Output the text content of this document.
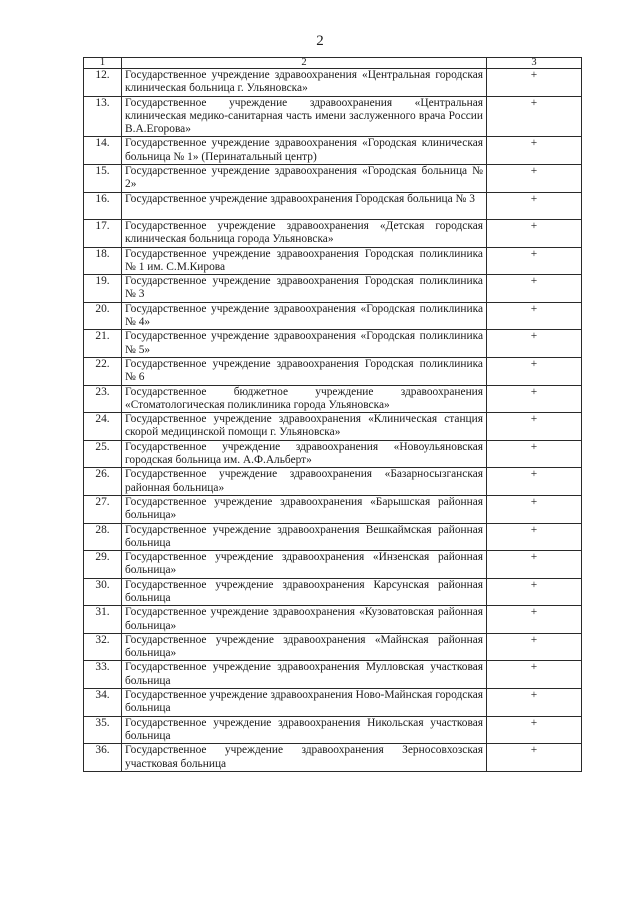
2
1	2	3
12.	Государственное учреждение здравоохранения «Центральная городская клиническая больница г. Ульяновска»	+
13.	Государственное учреждение здравоохранения «Центральная клиническая медико-санитарная часть имени заслуженного врача России В.А.Егорова»	+
14.	Государственное учреждение здравоохранения «Городская клиническая больница № 1» (Перинатальный центр)	+
15.	Государственное учреждение здравоохранения «Городская больница № 2»	+
16.	Государственное учреждение здравоохранения Городская больница № 3	+
17.	Государственное учреждение здравоохранения «Детская городская клиническая больница города Ульяновска»	+
18.	Государственное учреждение здравоохранения Городская поликлиника № 1 им. С.М.Кирова	+
19.	Государственное учреждение здравоохранения Городская поликлиника № 3	+
20.	Государственное учреждение здравоохранения «Городская поликлиника № 4»	+
21.	Государственное учреждение здравоохранения «Городская поликлиника № 5»	+
22.	Государственное учреждение здравоохранения Городская поликлиника № 6	+
23.	Государственное бюджетное учреждение здравоохранения «Стоматологическая поликлиника города Ульяновска»	+
24.	Государственное учреждение здравоохранения «Клиническая станция скорой медицинской помощи г. Ульяновска»	+
25.	Государственное учреждение здравоохранения «Новоульяновская городская больница им. А.Ф.Альберт»	+
26.	Государственное учреждение здравоохранения «Базарносызганская районная больница»	+
27.	Государственное учреждение здравоохранения «Барышская районная больница»	+
28.	Государственное учреждение здравоохранения Вешкаймская районная больница	+
29.	Государственное учреждение здравоохранения «Инзенская районная больница»	+
30.	Государственное учреждение здравоохранения Карсунская районная больница	+
31.	Государственное учреждение здравоохранения «Кузоватовская районная больница»	+
32.	Государственное учреждение здравоохранения «Майнская районная больница»	+
33.	Государственное учреждение здравоохранения Мулловская участковая больница	+
34.	Государственное учреждение здравоохранения Ново-Майнская городская больница	+
35.	Государственное учреждение здравоохранения Никольская участковая больница	+
36.	Государственное учреждение здравоохранения Зерносовхозская участковая больница	+
